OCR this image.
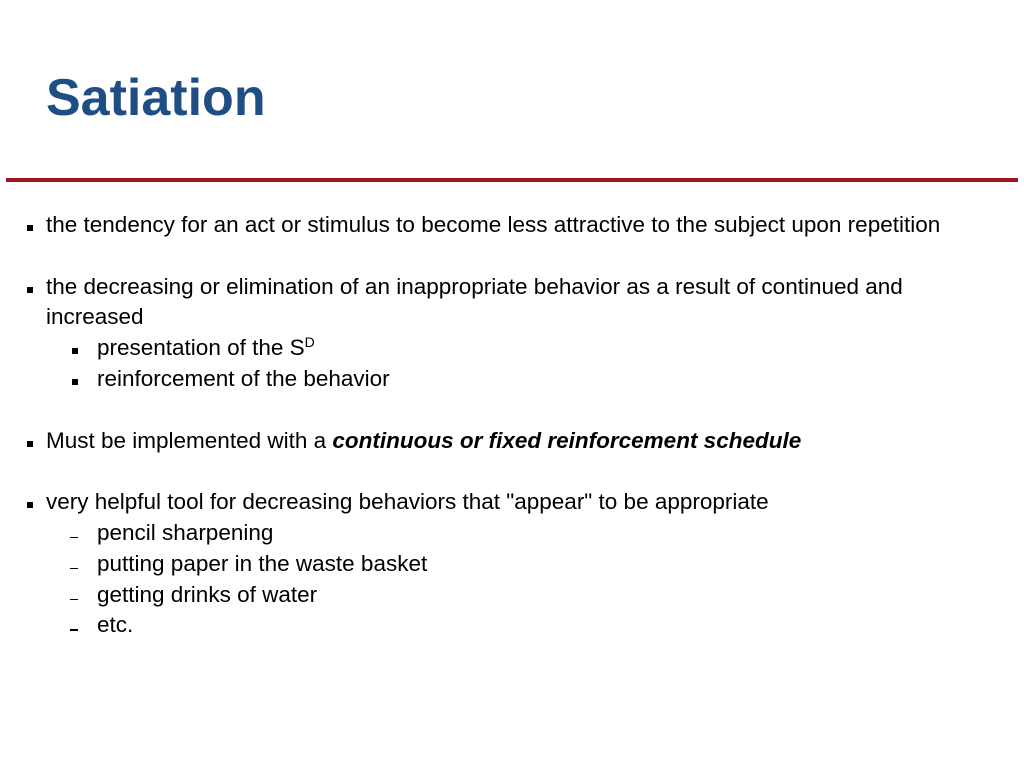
Satiation
the tendency for an act or stimulus to become less attractive to the subject upon repetition
the decreasing or elimination of an inappropriate behavior as a result of continued and increased
presentation of the $S^D$
reinforcement of the behavior
Must be implemented with a continuous or fixed reinforcement schedule
very helpful tool for decreasing behaviors that "appear" to be appropriate
pencil sharpening
putting paper in the waste basket
getting drinks of water
etc.
